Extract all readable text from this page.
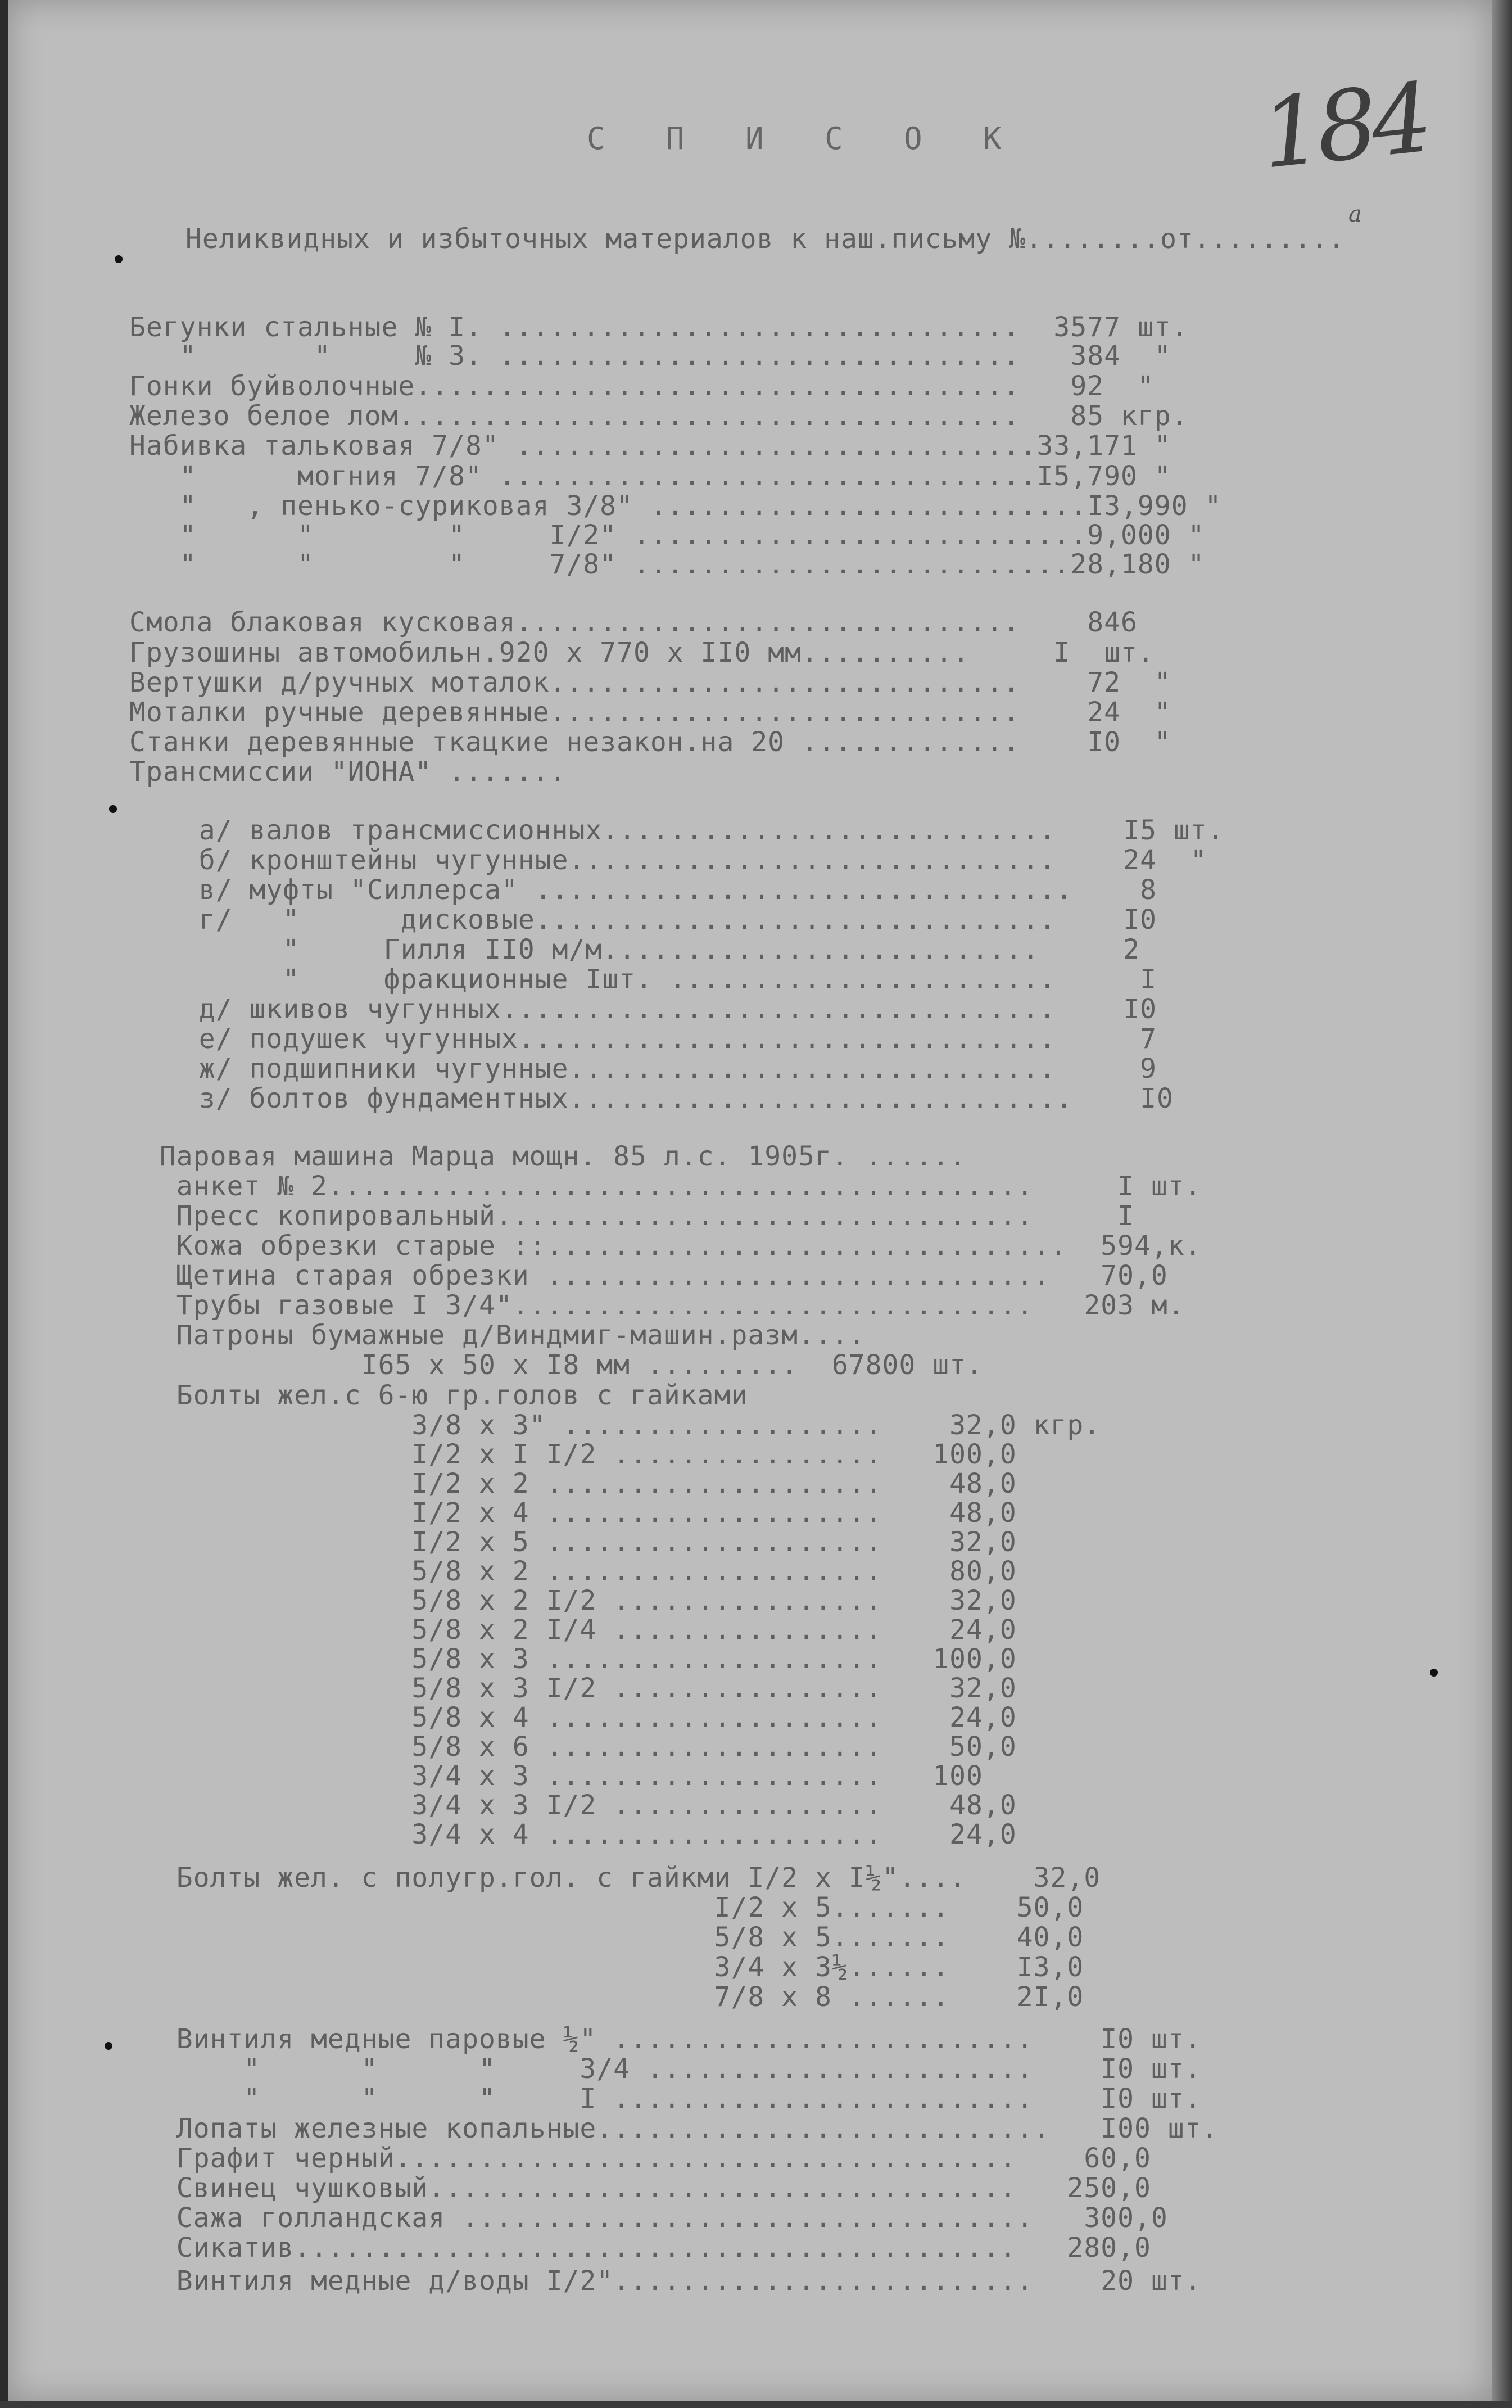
С П И С О К
Неликвидных и избыточных материалов к наш.письму №........от.........
184
а
Бегунки стальные № I. ...............................  3577 шт.
"       "     № 3. ...............................   384  "
Гонки буйволочные....................................   92  "
Железо белое лом.....................................   85 кгр.
Набивка тальковая 7/8" ...............................33,171 "
"      могния 7/8" ................................I5,790 "
"   , пенько-суриковая 3/8" ..........................I3,990 "
"      "        "     I/2" ...........................9,000 "
"      "        "     7/8" ..........................28,180 "
Смола блаковая кусковая..............................    846
Грузошины автомобильн.920 х 770 х II0 мм..........     I  шт.
Вертушки д/ручных моталок............................    72  "
Моталки ручные деревянные............................    24  "
Станки деревянные ткацкие незакон.на 20 .............    I0  "
Трансмиссии "ИОНА" .......
а/ валов трансмиссионных...........................    I5 шт.
б/ кронштейны чугунные.............................    24  "
в/ муфты "Силлерса" ................................    8
г/   "      дисковые...............................    I0
"     Гилля II0 м/м..........................     2
"     фракционные Iшт. .......................     I
д/ шкивов чугунных.................................    I0
е/ подушек чугунных................................     7
ж/ подшипники чугунные.............................     9
з/ болтов фундаментных..............................    I0
Паровая машина Марца мощн. 85 л.с. 1905г. ......
анкет № 2..........................................     I шт.
Пресс копировальный................................     I
Кожа обрезки старые ::...............................  594,к.
Щетина старая обрезки ..............................   70,0
Трубы газовые I 3/4"...............................   203 м.
Патроны бумажные д/Виндмиг-машин.разм....
I65 х 50 х I8 мм .........  67800 шт.
Болты жел.с 6-ю гр.голов с гайками
3/8 х 3" ...................    32,0 кгр.
I/2 х I I/2 ................   100,0
I/2 х 2 ....................    48,0
I/2 х 4 ....................    48,0
I/2 х 5 ....................    32,0
5/8 х 2 ....................    80,0
5/8 х 2 I/2 ................    32,0
5/8 х 2 I/4 ................    24,0
5/8 х 3 ....................   100,0
5/8 х 3 I/2 ................    32,0
5/8 х 4 ....................    24,0
5/8 х 6 ....................    50,0
3/4 х 3 ....................   100
3/4 х 3 I/2 ................    48,0
3/4 х 4 ....................    24,0
Болты жел. с полугр.гол. с гайкми I/2 х I½"....    32,0
I/2 х 5.......    50,0
5/8 х 5.......    40,0
3/4 х 3½......    I3,0
7/8 х 8 ......    2I,0
Винтиля медные паровые ½" .........................    I0 шт.
"      "      "     3/4 .......................    I0 шт.
"      "      "     I .........................    I0 шт.
Лопаты железные копальные...........................   I00 шт.
Графит черный.....................................    60,0
Свинец чушковый...................................   250,0
Сажа голландская ..................................   300,0
Сикатив...........................................   280,0
Винтиля медные д/воды I/2".........................    20 шт.
